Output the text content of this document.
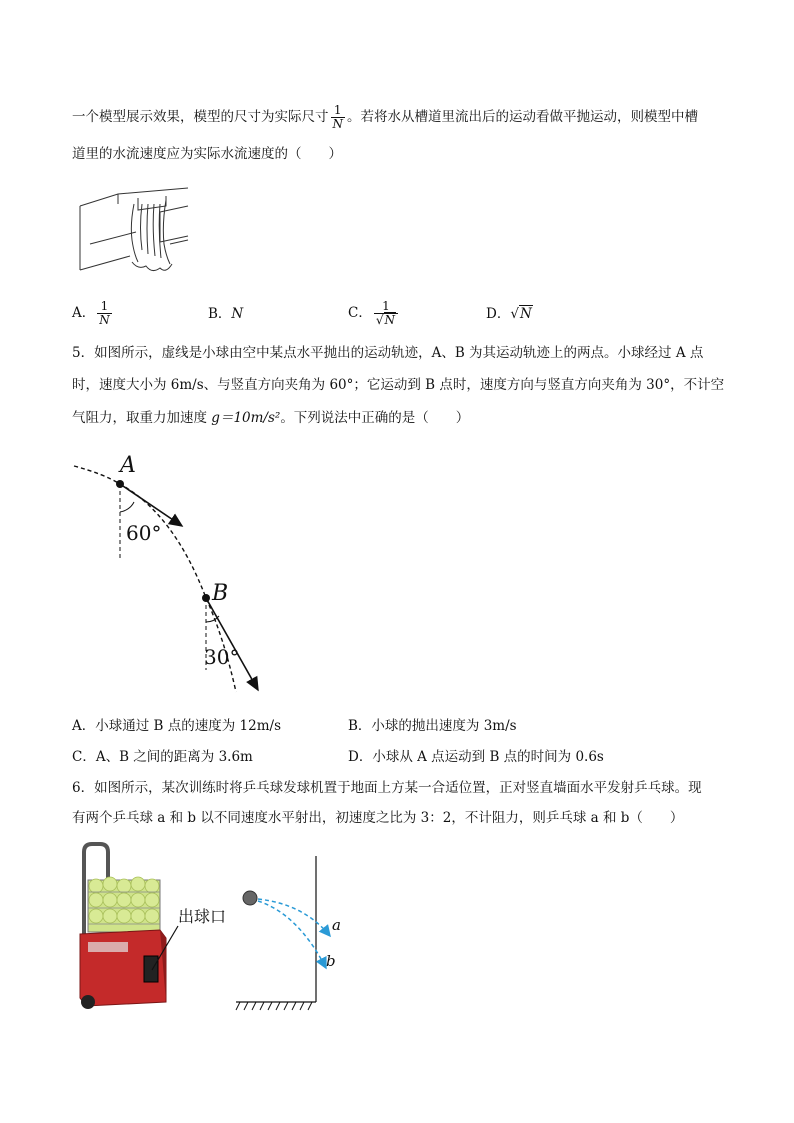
一个模型展示效果，模型的尺寸为实际尺寸 $\frac{1}{N}$ 。若将水从槽道里流出后的运动看做平抛运动，则模型中槽
道里的水流速度应为实际水流速度的（　　）
A． $\frac{1}{N}$	B．N	C． $\frac{1}{√N}$	D．√N
5．如图所示，虚线是小球由空中某点水平抛出的运动轨迹，A、B 为其运动轨迹上的两点。小球经过 A 点
时，速度大小为 6m/s、与竖直方向夹角为 60°；它运动到 B 点时，速度方向与竖直方向夹角为 30°，不计空
气阻力，取重力加速度 g＝10m/s²。下列说法中正确的是（　　）
A
60°
B
30°
A．小球通过 B 点的速度为 12m/s	B．小球的抛出速度为 3m/s
C．A、B 之间的距离为 3.6m	D．小球从 A 点运动到 B 点的时间为 0.6s
6．如图所示，某次训练时将乒乓球发球机置于地面上方某一合适位置，正对竖直墙面水平发射乒乓球。现
有两个乒乓球 a 和 b 以不同速度水平射出，初速度之比为 3：2，不计阻力，则乒乓球 a 和 b（　　）
出球口	a
b
